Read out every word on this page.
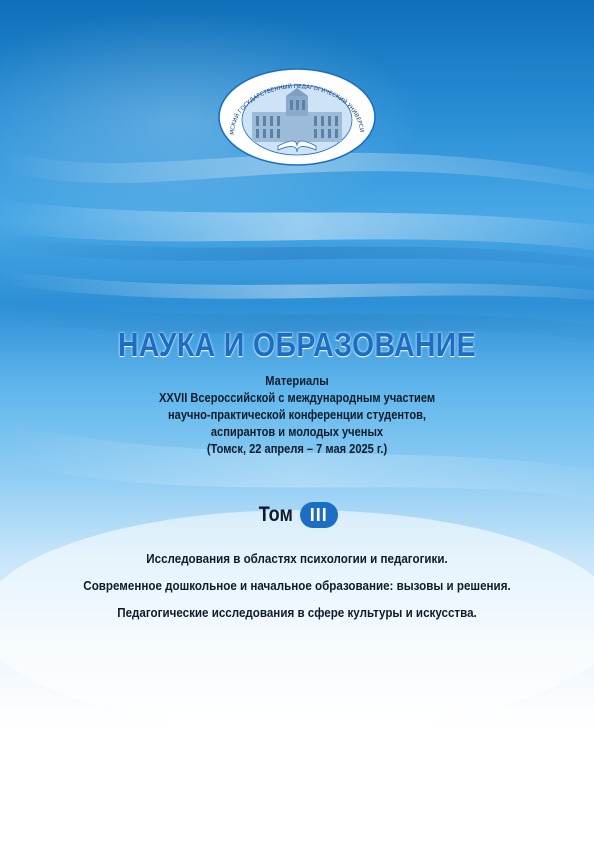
МСКИЙ ГОСУДАРСТВЕННЫЙ ПЕДАГОГИЧЕСКИЙ УНИВЕРСИ
НАУКА И ОБРАЗОВАНИЕ
Материалы
XXVII Всероссийской с международным участием
научно-практической конференции студентов,
аспирантов и молодых ученых
(Томск, 22 апреля – 7 мая 2025 г.)
Том III
Исследования в областях психологии и педагогики.
Современное дошкольное и начальное образование: вызовы и решения.
Педагогические исследования в сфере культуры и искусства.
